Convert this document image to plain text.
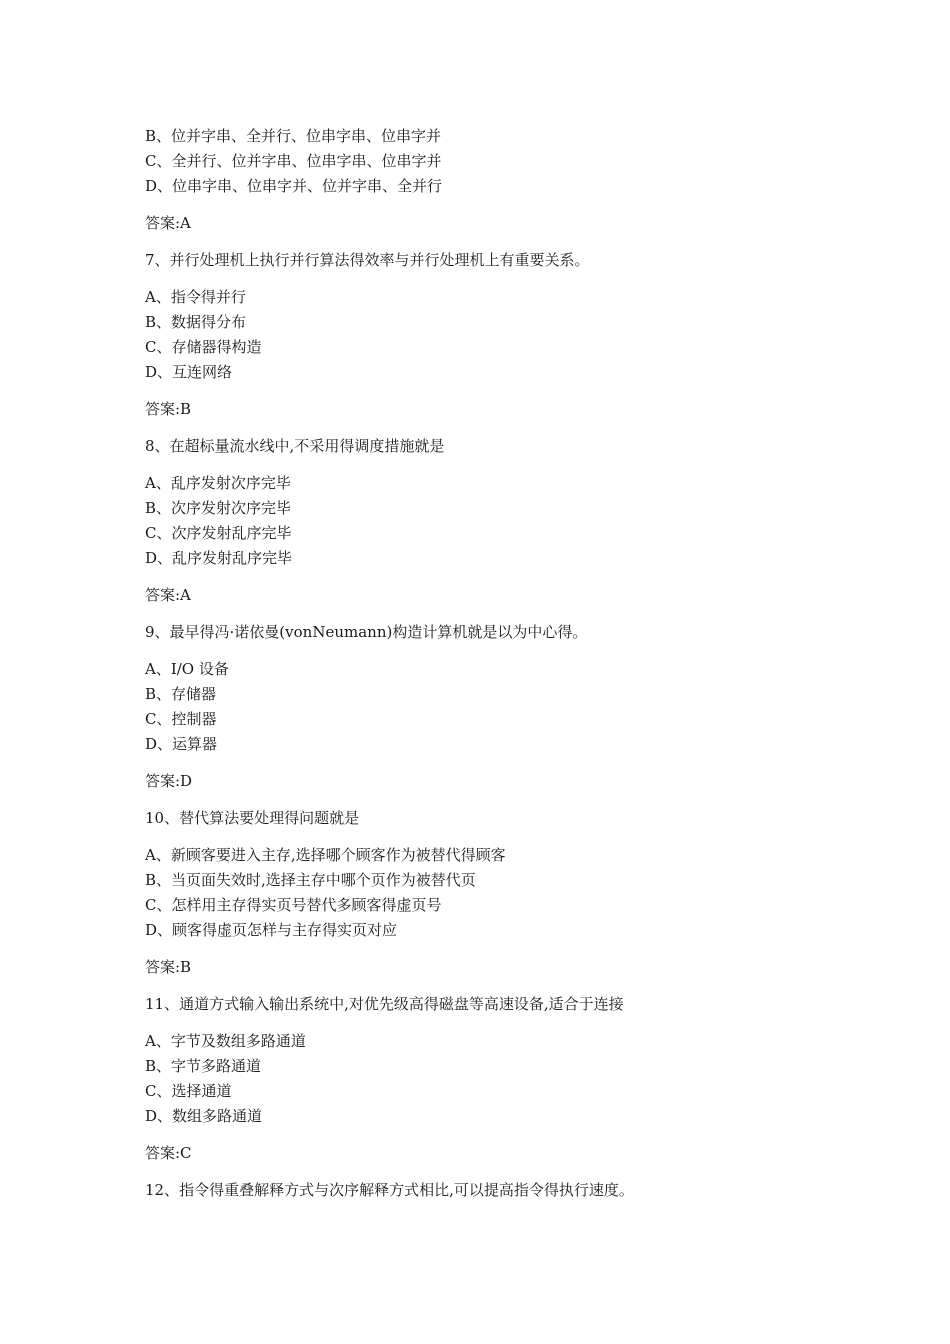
B、位并字串、全并行、位串字串、位串字并
C、全并行、位并字串、位串字串、位串字并
D、位串字串、位串字并、位并字串、全并行
答案:A
7、并行处理机上执行并行算法得效率与并行处理机上有重要关系。
A、指令得并行
B、数据得分布
C、存储器得构造
D、互连网络
答案:B
8、在超标量流水线中,不采用得调度措施就是
A、乱序发射次序完毕
B、次序发射次序完毕
C、次序发射乱序完毕
D、乱序发射乱序完毕
答案:A
9、最早得冯·诺依曼(vonNeumann)构造计算机就是以为中心得。
A、I/O 设备
B、存储器
C、控制器
D、运算器
答案:D
10、替代算法要处理得问题就是
A、新顾客要进入主存,选择哪个顾客作为被替代得顾客
B、当页面失效时,选择主存中哪个页作为被替代页
C、怎样用主存得实页号替代多顾客得虚页号
D、顾客得虚页怎样与主存得实页对应
答案:B
11、通道方式输入输出系统中,对优先级高得磁盘等高速设备,适合于连接
A、字节及数组多路通道
B、字节多路通道
C、选择通道
D、数组多路通道
答案:C
12、指令得重叠解释方式与次序解释方式相比,可以提高指令得执行速度。
